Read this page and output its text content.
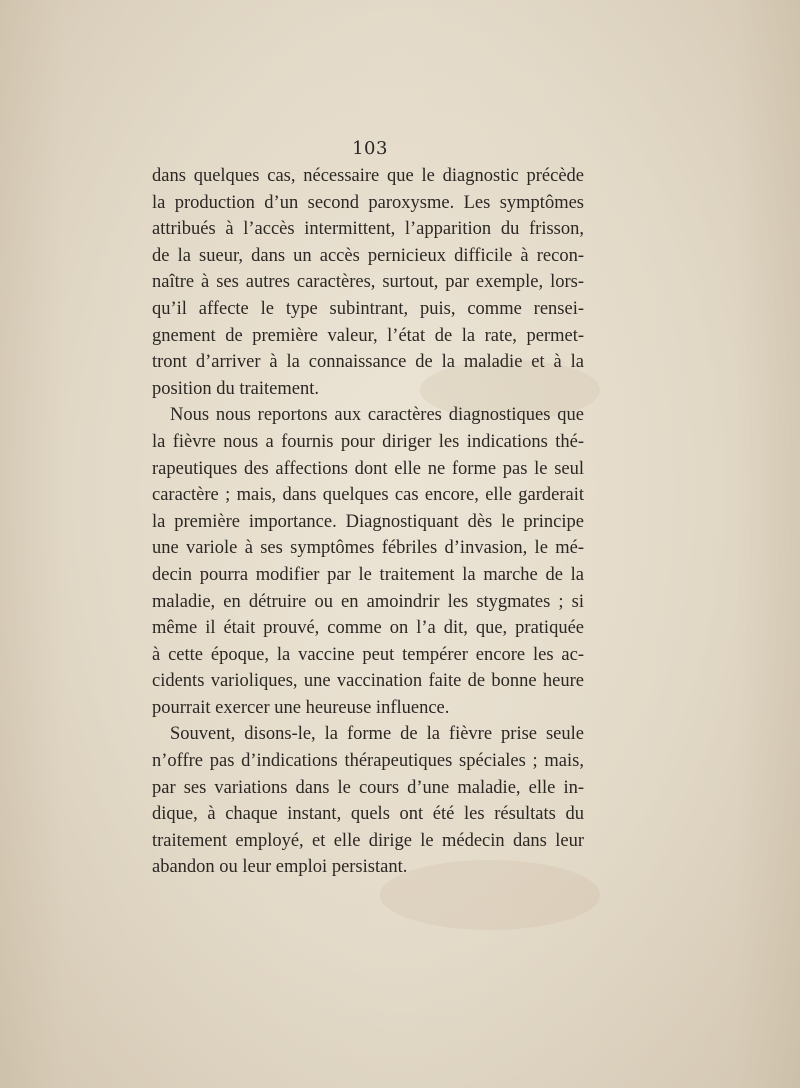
103
dans quelques cas, nécessaire que le diagnostic précède
la production d’un second paroxysme. Les symptômes
attribués à l’accès intermittent, l’apparition du frisson,
de la sueur, dans un accès pernicieux difficile à recon-
naître à ses autres caractères, surtout, par exemple, lors-
qu’il affecte le type subintrant, puis, comme rensei-
gnement de première valeur, l’état de la rate, permet-
tront d’arriver à la connaissance de la maladie et à la
position du traitement.
Nous nous reportons aux caractères diagnostiques que
la fièvre nous a fournis pour diriger les indications thé-
rapeutiques des affections dont elle ne forme pas le seul
caractère ; mais, dans quelques cas encore, elle garderait
la première importance. Diagnostiquant dès le principe
une variole à ses symptômes fébriles d’invasion, le mé-
decin pourra modifier par le traitement la marche de la
maladie, en détruire ou en amoindrir les stygmates ; si
même il était prouvé, comme on l’a dit, que, pratiquée
à cette époque, la vaccine peut tempérer encore les ac-
cidents varioliques, une vaccination faite de bonne heure
pourrait exercer une heureuse influence.
Souvent, disons-le, la forme de la fièvre prise seule
n’offre pas d’indications thérapeutiques spéciales ; mais,
par ses variations dans le cours d’une maladie, elle in-
dique, à chaque instant, quels ont été les résultats du
traitement employé, et elle dirige le médecin dans leur
abandon ou leur emploi persistant.
